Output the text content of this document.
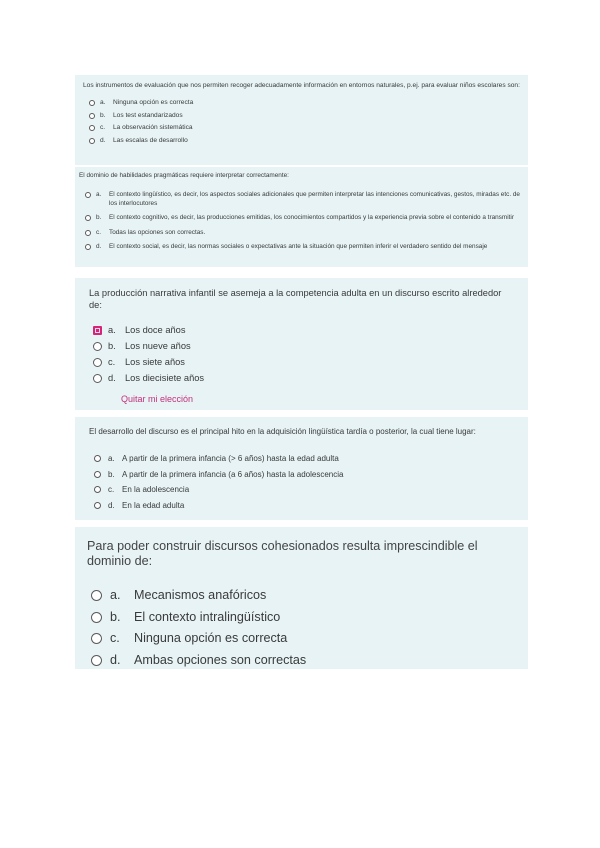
Los instrumentos de evaluación que nos permiten recoger adecuadamente información en entornos naturales, p.ej. para evaluar niños escolares son:

a.	Ninguna opción es correcta
b.	Los test estandarizados
c.	La observación sistemática
d.	Las escalas de desarrollo

El dominio de habilidades pragmáticas requiere interpretar correctamente:

a.	El contexto lingüístico, es decir, los aspectos sociales adicionales que permiten interpretar las intenciones comunicativas, gestos, miradas etc. de los interlocutores
b.	El contexto cognitivo, es decir, las producciones emitidas, los conocimientos compartidos y la experiencia previa sobre el contenido a transmitir
c.	Todas las opciones son correctas.
d.	El contexto social, es decir, las normas sociales o expectativas ante la situación que permiten inferir el verdadero sentido del mensaje

La producción narrativa infantil se asemeja a la competencia adulta en un discurso escrito alrededor de:

a. Los doce años
b. Los nueve años
c.	Los siete años
d. Los diecisiete años
Quitar mi elección

El desarrollo del discurso es el principal hito en la adquisición lingüística tardía o posterior, la cual tiene lugar:

a. A partir de la primera infancia (> 6 años) hasta la edad adulta
b. A partir de la primera infancia (a 6 años) hasta la adolescencia
c. En la adolescencia
d. En la edad adulta

Para poder construir discursos cohesionados resulta imprescindible el dominio de:

a.	Mecanismos anafóricos
b.	El contexto intralingüístico
c.	Ninguna opción es correcta
d.	Ambas opciones son correctas
